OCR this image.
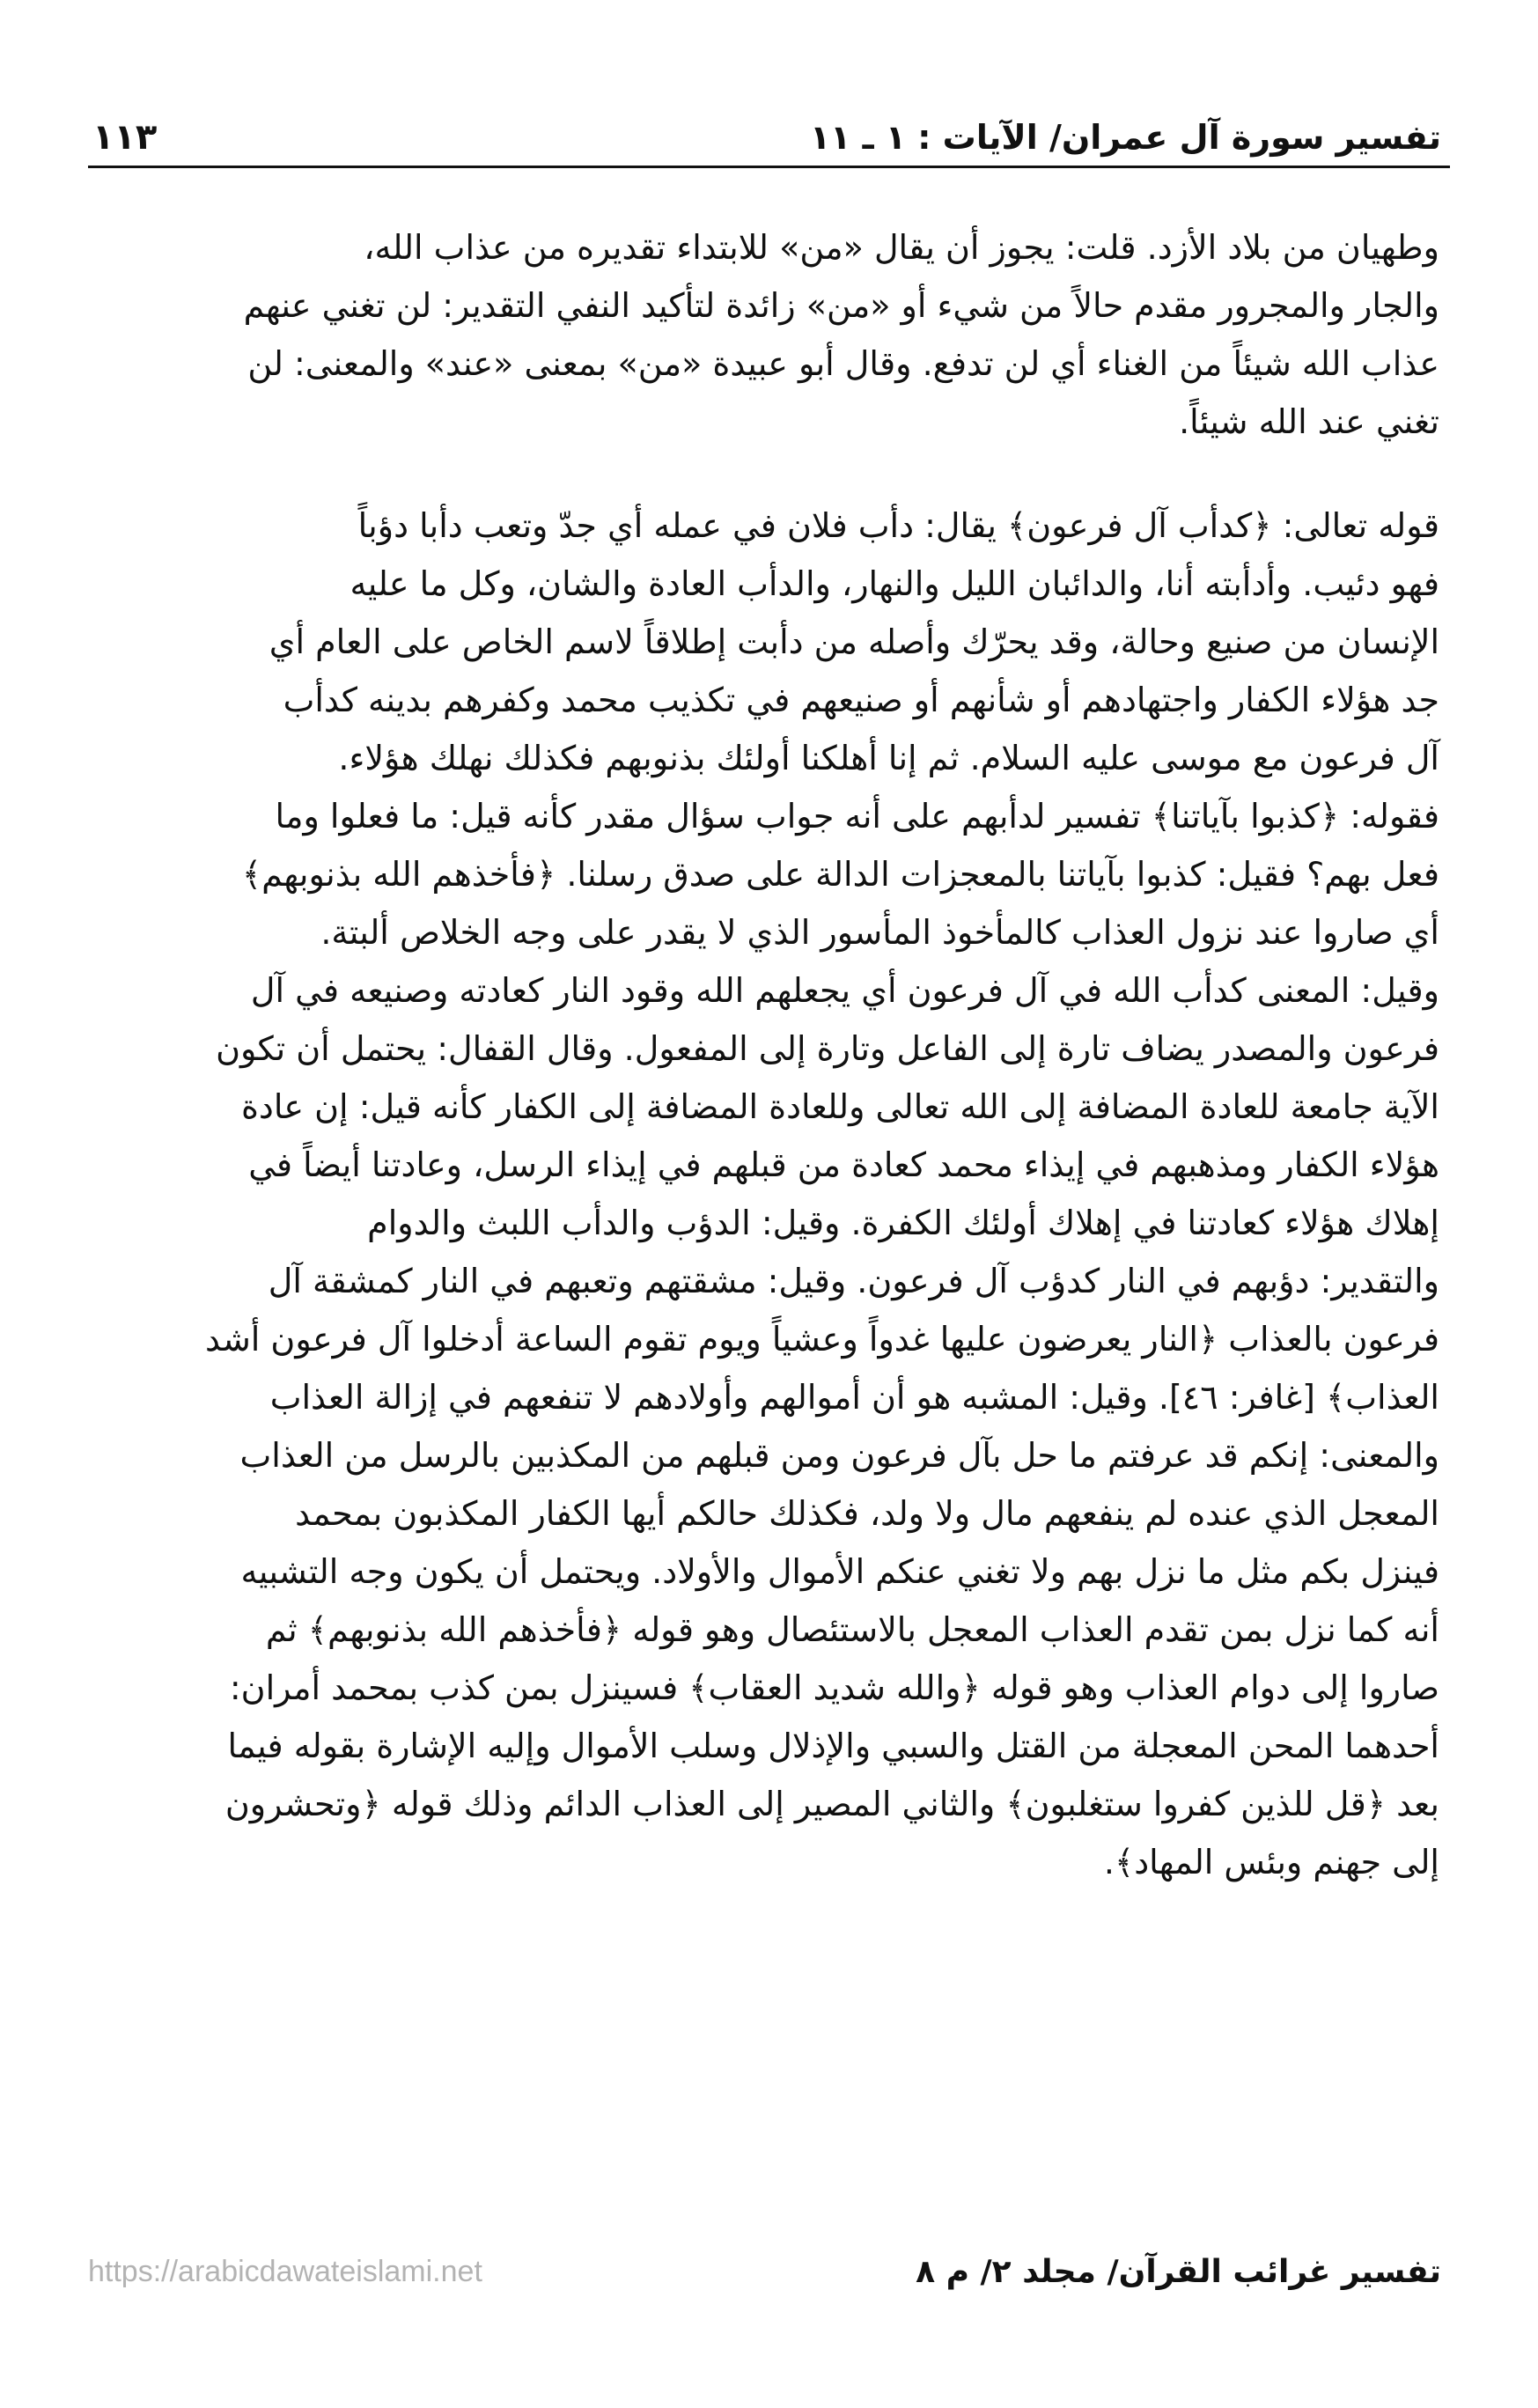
تفسير سورة آل عمران/ الآيات : ١ ـ ١١
١١٣

وطهيان من بلاد الأزد. قلت: يجوز أن يقال «من» للابتداء تقديره من عذاب الله،
والجار والمجرور مقدم حالاً من شيء أو «من» زائدة لتأكيد النفي التقدير: لن تغني عنهم
عذاب الله شيئاً من الغناء أي لن تدفع. وقال أبو عبيدة «من» بمعنى «عند» والمعنى: لن
تغني عند الله شيئاً.

قوله تعالى: ﴿كدأب آل فرعون﴾ يقال: دأب فلان في عمله أي جدّ وتعب دأبا دؤباً
فهو دئيب. وأدأبته أنا، والدائبان الليل والنهار، والدأب العادة والشان، وكل ما عليه
الإنسان من صنيع وحالة، وقد يحرّك وأصله من دأبت إطلاقاً لاسم الخاص على العام أي
جد هؤلاء الكفار واجتهادهم أو شأنهم أو صنيعهم في تكذيب محمد وكفرهم بدينه كدأب
آل فرعون مع موسى عليه السلام. ثم إنا أهلكنا أولئك بذنوبهم فكذلك نهلك هؤلاء.
فقوله: ﴿كذبوا بآياتنا﴾ تفسير لدأبهم على أنه جواب سؤال مقدر كأنه قيل: ما فعلوا وما
فعل بهم؟ فقيل: كذبوا بآياتنا بالمعجزات الدالة على صدق رسلنا. ﴿فأخذهم الله بذنوبهم﴾
أي صاروا عند نزول العذاب كالمأخوذ المأسور الذي لا يقدر على وجه الخلاص ألبتة.
وقيل: المعنى كدأب الله في آل فرعون أي يجعلهم الله وقود النار كعادته وصنيعه في آل
فرعون والمصدر يضاف تارة إلى الفاعل وتارة إلى المفعول. وقال القفال: يحتمل أن تكون
الآية جامعة للعادة المضافة إلى الله تعالى وللعادة المضافة إلى الكفار كأنه قيل: إن عادة
هؤلاء الكفار ومذهبهم في إيذاء محمد كعادة من قبلهم في إيذاء الرسل، وعادتنا أيضاً في
إهلاك هؤلاء كعادتنا في إهلاك أولئك الكفرة. وقيل: الدؤب والدأب اللبث والدوام
والتقدير: دؤبهم في النار كدؤب آل فرعون. وقيل: مشقتهم وتعبهم في النار كمشقة آل
فرعون بالعذاب ﴿النار يعرضون عليها غدواً وعشياً ويوم تقوم الساعة أدخلوا آل فرعون أشد
العذاب﴾ [غافر: ٤٦]. وقيل: المشبه هو أن أموالهم وأولادهم لا تنفعهم في إزالة العذاب
والمعنى: إنكم قد عرفتم ما حل بآل فرعون ومن قبلهم من المكذبين بالرسل من العذاب
المعجل الذي عنده لم ينفعهم مال ولا ولد، فكذلك حالكم أيها الكفار المكذبون بمحمد
فينزل بكم مثل ما نزل بهم ولا تغني عنكم الأموال والأولاد. ويحتمل أن يكون وجه التشبيه
أنه كما نزل بمن تقدم العذاب المعجل بالاستئصال وهو قوله ﴿فأخذهم الله بذنوبهم﴾ ثم
صاروا إلى دوام العذاب وهو قوله ﴿والله شديد العقاب﴾ فسينزل بمن كذب بمحمد أمران:
أحدهما المحن المعجلة من القتل والسبي والإذلال وسلب الأموال وإليه الإشارة بقوله فيما
بعد ﴿قل للذين كفروا ستغلبون﴾ والثاني المصير إلى العذاب الدائم وذلك قوله ﴿وتحشرون
إلى جهنم وبئس المهاد﴾.

تفسير غرائب القرآن/ مجلد ٢/ م ٨
https://arabicdawateislami.net
